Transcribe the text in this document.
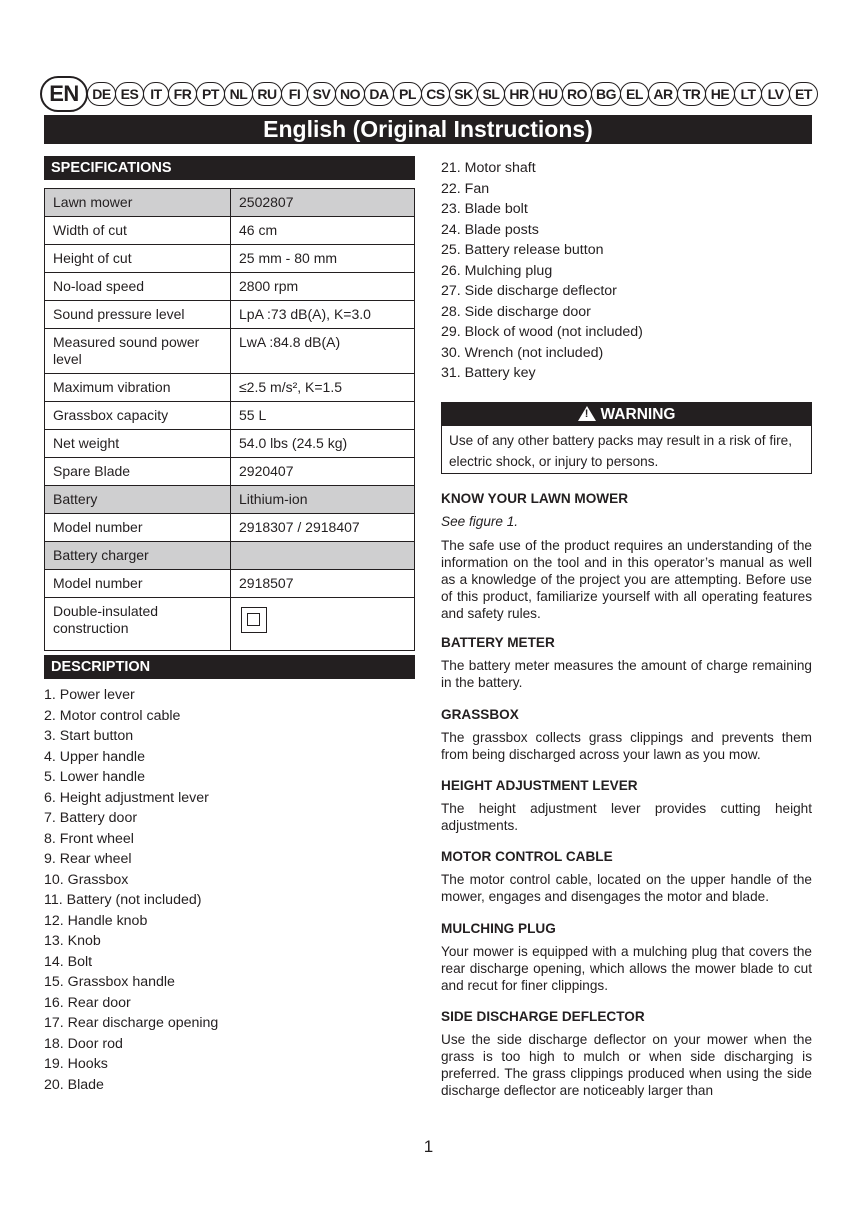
EN DE ES IT FR PT NL RU FI SV NO DA PL CS SK SL HR HU RO BG EL AR TR HE LT LV ET
English (Original Instructions)
SPECIFICATIONS
Lawn mower	2502807
Width of cut	46 cm
Height of cut	25 mm - 80 mm
No-load speed	2800 rpm
Sound pressure level	LpA :73 dB(A), K=3.0
Measured sound power level	LwA :84.8 dB(A)
Maximum vibration	≤2.5 m/s², K=1.5
Grassbox capacity	55 L
Net weight	54.0 lbs (24.5 kg)
Spare Blade	2920407
Battery	Lithium-ion
Model number	2918307 / 2918407
Battery charger	
Model number	2918507
Double-insulated construction	
DESCRIPTION
1. Power lever
2. Motor control cable
3. Start button
4. Upper handle
5. Lower handle
6. Height adjustment lever
7. Battery door
8. Front wheel
9. Rear wheel
10. Grassbox
11. Battery (not included)
12. Handle knob
13. Knob
14. Bolt
15. Grassbox handle
16. Rear door
17. Rear discharge opening
18. Door rod
19. Hooks
20. Blade
21. Motor shaft
22. Fan
23. Blade bolt
24. Blade posts
25. Battery release button
26. Mulching plug
27. Side discharge deflector
28. Side discharge door
29. Block of wood (not included)
30. Wrench (not included)
31. Battery key
! WARNING
Use of any other battery packs may result in a risk of fire, electric shock, or injury to persons.
KNOW YOUR LAWN MOWER

See figure 1.

The safe use of the product requires an understanding of the information on the tool and in this operator’s manual as well as a knowledge of the project you are attempting. Before use of this product, familiarize yourself with all operating features and safety rules.

BATTERY METER

The battery meter measures the amount of charge remaining in the battery.

GRASSBOX

The grassbox collects grass clippings and prevents them from being discharged across your lawn as you mow.

HEIGHT ADJUSTMENT LEVER

The height adjustment lever provides cutting height adjustments.

MOTOR CONTROL CABLE

The motor control cable, located on the upper handle of the mower, engages and disengages the motor and blade.

MULCHING PLUG

Your mower is equipped with a mulching plug that covers the rear discharge opening, which allows the mower blade to cut and recut for finer clippings.

SIDE DISCHARGE DEFLECTOR

Use the side discharge deflector on your mower when the grass is too high to mulch or when side discharging is preferred. The grass clippings produced when using the side discharge deflector are noticeably larger than

1
